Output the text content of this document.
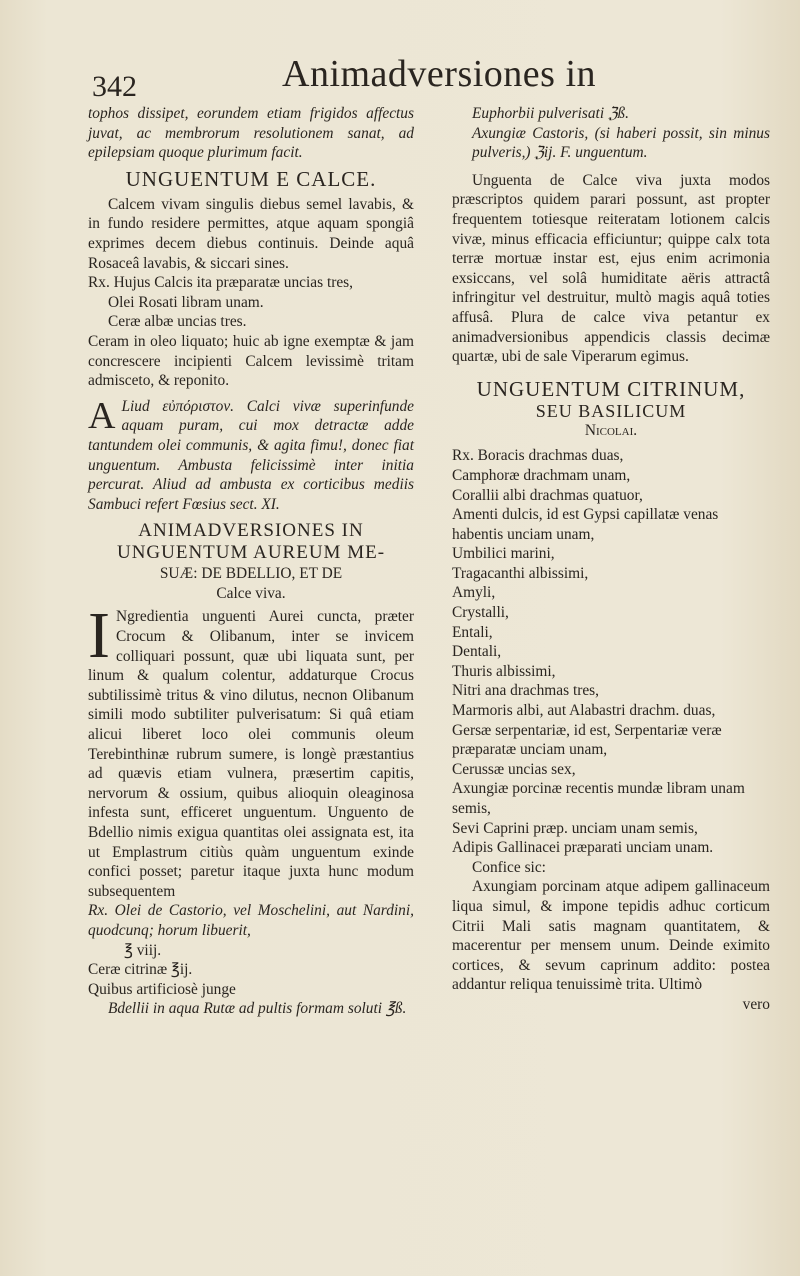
342	Animadversiones in

tophos dissipet, eorundem etiam frigidos affectus juvat, ac membrorum resolutionem sanat, ad epilepsiam quoque plurimum facit.

UNGUENTUM E CALCE.

Calcem vivam singulis diebus semel lavabis, & in fundo residere permittes, atque aquam spongiâ exprimes decem diebus continuis. Deinde aquâ Rosaceâ lavabis, & siccari sines.

Rx. Hujus Calcis ita præparatæ uncias tres,

Olei Rosati libram unam.

Ceræ albæ uncias tres.

Ceram in oleo liquato; huic ab igne exemptæ & jam concrescere incipienti Calcem levissimè tritam admisceto, & reponito.

A Liud εὐπόριστον. Calci vivæ superinfunde aquam puram, cui mox detractæ adde tantundem olei communis, & agita fimu!, donec fiat unguentum. Ambusta felicissimè inter initia percurat. Aliud ad ambusta ex corticibus mediis Sambuci refert Fœsius sect. XI.

ANIMADVERSIONES IN
UNGUENTUM AUREUM ME-
SUÆ: DE BDELLIO, ET DE
Calce viva.
I Ngredientia unguenti Aurei cuncta, præter Crocum & Olibanum, inter se invicem colliquari possunt, quæ ubi liquata sunt, per linum & qualum colentur, addaturque Crocus subtilissimè tritus & vino dilutus, necnon Olibanum simili modo subtiliter pulverisatum: Si quâ etiam alicui liberet loco olei communis oleum Terebinthinæ rubrum sumere, is longè præstantius ad quævis etiam vulnera, præsertim capitis, nervorum & ossium, quibus alioquin oleaginosa infesta sunt, efficeret unguentum. Unguento de Bdellio nimis exigua quantitas olei assignata est, ita ut Emplastrum citiùs quàm unguentum exinde confici posset; paretur itaque juxta hunc modum subsequentem

Rx. Olei de Castorio, vel Moschelini, aut Nardini, quodcunq; horum libuerit,

℥ viij.

Ceræ citrinæ ℥ij.

Quibus artificiosè junge

Bdellii in aqua Rutæ ad pultis formam soluti ℥ß.

Euphorbii pulverisati ℨß.

Axungiæ Castoris, (si haberi possit, sin minus pulveris,) ℨij. F. unguentum.

Unguenta de Calce viva juxta modos præscriptos quidem parari possunt, ast propter frequentem totiesque reiteratam lotionem calcis vivæ, minus efficacia efficiuntur; quippe calx tota terræ mortuæ instar est, ejus enim acrimonia exsiccans, vel solâ humiditate aëris attractâ infringitur vel destruitur, multò magis aquâ toties affusâ. Plura de calce viva petantur ex animadversionibus appendicis classis decimæ quartæ, ubi de sale Viperarum egimus.

UNGUENTUM CITRINUM,
SEU BASILICUM
Nicolai.
Rx. Boracis drachmas duas,
Camphoræ drachmam unam,
Corallii albi drachmas quatuor,
Amenti dulcis, id est Gypsi capillatæ venas habentis unciam unam,
Umbilici marini,
Tragacanthi albissimi,
Amyli,
Crystalli,
Entali,
Dentali,
Thuris albissimi,
Nitri ana drachmas tres,
Marmoris albi, aut Alabastri drachm. duas,
Gersæ serpentariæ, id est, Serpentariæ veræ præparatæ unciam unam,
Cerussæ uncias sex,
Axungiæ porcinæ recentis mundæ libram unam semis,
Sevi Caprini præp. unciam unam semis,
Adipis Gallinacei præparati unciam unam.

Confice sic:

Axungiam porcinam atque adipem gallinaceum liqua simul, & impone tepidis adhuc corticum Citrii Mali satis magnam quantitatem, & macerentur per mensem unum. Deinde eximito cortices, & sevum caprinum addito: postea addantur reliqua tenuissimè trita. Ultimò

vero
